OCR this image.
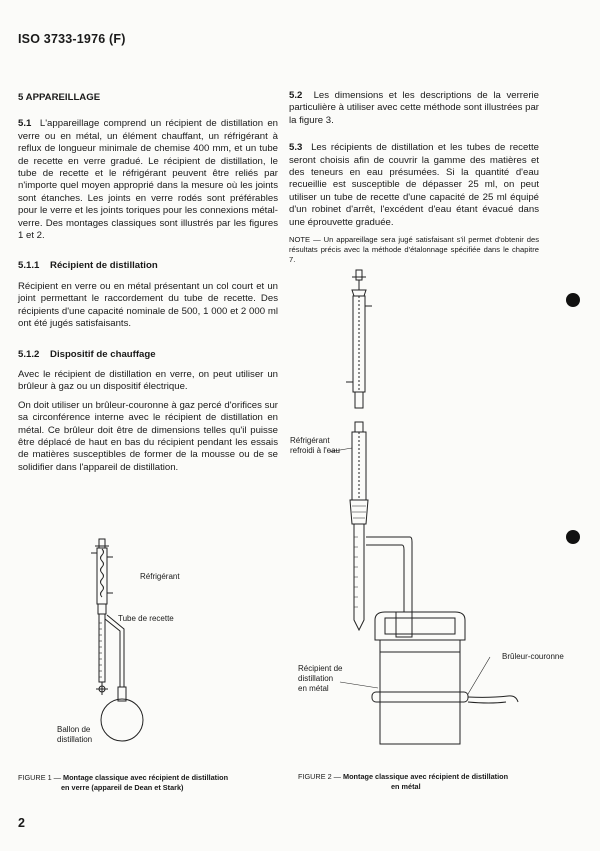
ISO 3733-1976 (F)
5 APPAREILLAGE

5.1 L'appareillage comprend un récipient de distillation en verre ou en métal, un élément chauffant, un réfrigérant à reflux de longueur minimale de chemise 400 mm, et un tube de recette en verre gradué. Le récipient de distillation, le tube de recette et le réfrigérant peuvent être reliés par n'importe quel moyen approprié dans la mesure où les joints sont étanches. Les joints en verre rodés sont préférables pour le verre et les joints toriques pour les connexions métal-verre. Des montages classiques sont illustrés par les figures 1 et 2.

5.1.1 Récipient de distillation

Récipient en verre ou en métal présentant un col court et un joint permettant le raccordement du tube de recette. Des récipients d'une capacité nominale de 500, 1 000 et 2 000 ml ont été jugés satisfaisants.

5.1.2 Dispositif de chauffage

Avec le récipient de distillation en verre, on peut utiliser un brûleur à gaz ou un dispositif électrique.

On doit utiliser un brûleur-couronne à gaz percé d'orifices sur sa circonférence interne avec le récipient de distillation en métal. Ce brûleur doit être de dimensions telles qu'il puisse être déplacé de haut en bas du récipient pendant les essais de matières susceptibles de former de la mousse ou de se solidifier dans l'appareil de distillation.

5.2 Les dimensions et les descriptions de la verrerie particulière à utiliser avec cette méthode sont illustrées par la figure 3.

5.3 Les récipients de distillation et les tubes de recette seront choisis afin de couvrir la gamme des matières et des teneurs en eau présumées. Si la quantité d'eau recueillie est susceptible de dépasser 25 ml, on peut utiliser un tube de recette d'une capacité de 25 ml équipé d'un robinet d'arrêt, l'excédent d'eau étant évacué dans une éprouvette graduée.

NOTE — Un appareillage sera jugé satisfaisant s'il permet d'obtenir des résultats précis avec la méthode d'étalonnage spécifiée dans le chapitre 7.

Réfrigérant
Tube de recette
Ballon de
distillation
FIGURE 1 — Montage classique avec récipient de distillation
en verre (appareil de Dean et Stark)
Réfrigérant
refroidi à l'eau
Récipient de
distillation
en métal
Brûleur-couronne
FIGURE 2 — Montage classique avec récipient de distillation
en métal
2
